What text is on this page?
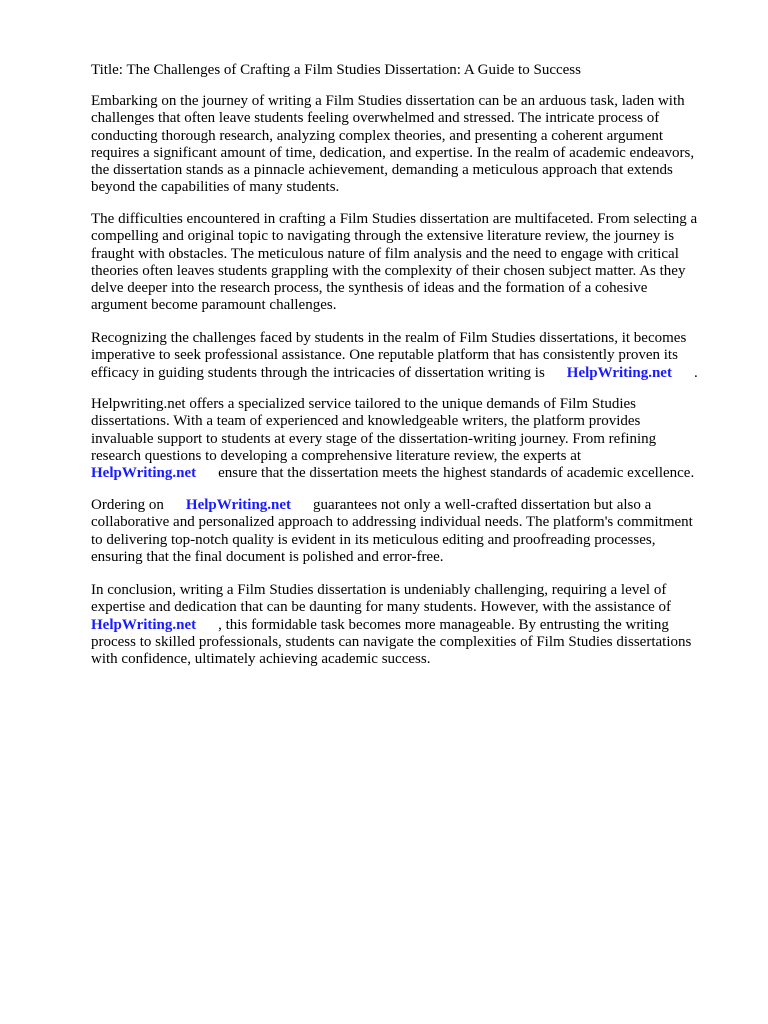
Title: The Challenges of Crafting a Film Studies Dissertation: A Guide to Success

Embarking on the journey of writing a Film Studies dissertation can be an arduous task, laden with
challenges that often leave students feeling overwhelmed and stressed. The intricate process of
conducting thorough research, analyzing complex theories, and presenting a coherent argument
requires a significant amount of time, dedication, and expertise. In the realm of academic endeavors,
the dissertation stands as a pinnacle achievement, demanding a meticulous approach that extends
beyond the capabilities of many students.

The difficulties encountered in crafting a Film Studies dissertation are multifaceted. From selecting a
compelling and original topic to navigating through the extensive literature review, the journey is
fraught with obstacles. The meticulous nature of film analysis and the need to engage with critical
theories often leaves students grappling with the complexity of their chosen subject matter. As they
delve deeper into the research process, the synthesis of ideas and the formation of a cohesive
argument become paramount challenges.

Recognizing the challenges faced by students in the realm of Film Studies dissertations, it becomes
imperative to seek professional assistance. One reputable platform that has consistently proven its
efficacy in guiding students through the intricacies of dissertation writing is HelpWriting.net .

Helpwriting.net offers a specialized service tailored to the unique demands of Film Studies
dissertations. With a team of experienced and knowledgeable writers, the platform provides
invaluable support to students at every stage of the dissertation-writing journey. From refining
research questions to developing a comprehensive literature review, the experts at
HelpWriting.net ensure that the dissertation meets the highest standards of academic excellence.

Ordering on HelpWriting.net guarantees not only a well-crafted dissertation but also a
collaborative and personalized approach to addressing individual needs. The platform's commitment
to delivering top-notch quality is evident in its meticulous editing and proofreading processes,
ensuring that the final document is polished and error-free.

In conclusion, writing a Film Studies dissertation is undeniably challenging, requiring a level of
expertise and dedication that can be daunting for many students. However, with the assistance of
HelpWriting.net , this formidable task becomes more manageable. By entrusting the writing
process to skilled professionals, students can navigate the complexities of Film Studies dissertations
with confidence, ultimately achieving academic success.
